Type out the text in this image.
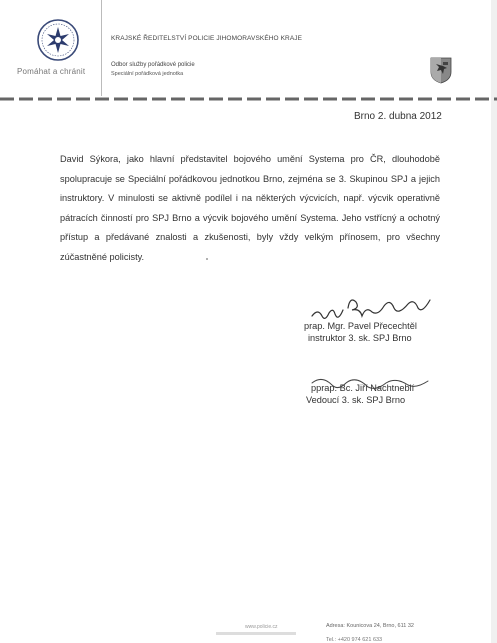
Pomáhat a chránit
KRAJSKÉ ŘEDITELSTVÍ POLICIE JIHOMORAVSKÉHO KRAJE
Odbor služby pořádkové policie
Speciální pořádková jednotka
Brno 2. dubna 2012
David Sýkora, jako hlavní představitel bojového umění Systema pro ČR, dlouhodobě spolupracuje se Speciální pořádkovou jednotkou Brno, zejména se 3. Skupinou SPJ a jejich instruktory. V minulosti se aktivně podílel i na některých výcvicích, např. výcvik operativně pátracích činností pro SPJ Brno a výcvik bojového umění Systema. Jeho vstřícný a ochotný přístup a předávané znalosti a zkušenosti, byly vždy velkým přínosem, pro všechny zúčastněné policisty.
prap. Mgr. Pavel Přecechtěl
instruktor 3. sk. SPJ Brno
pprap. Bc. Jiří Nachtneblí
Vedoucí 3. sk. SPJ Brno
www.policie.cz	Adresa: Kounicova 24, Brno, 611 32
Tel.: +420 974 621 633
